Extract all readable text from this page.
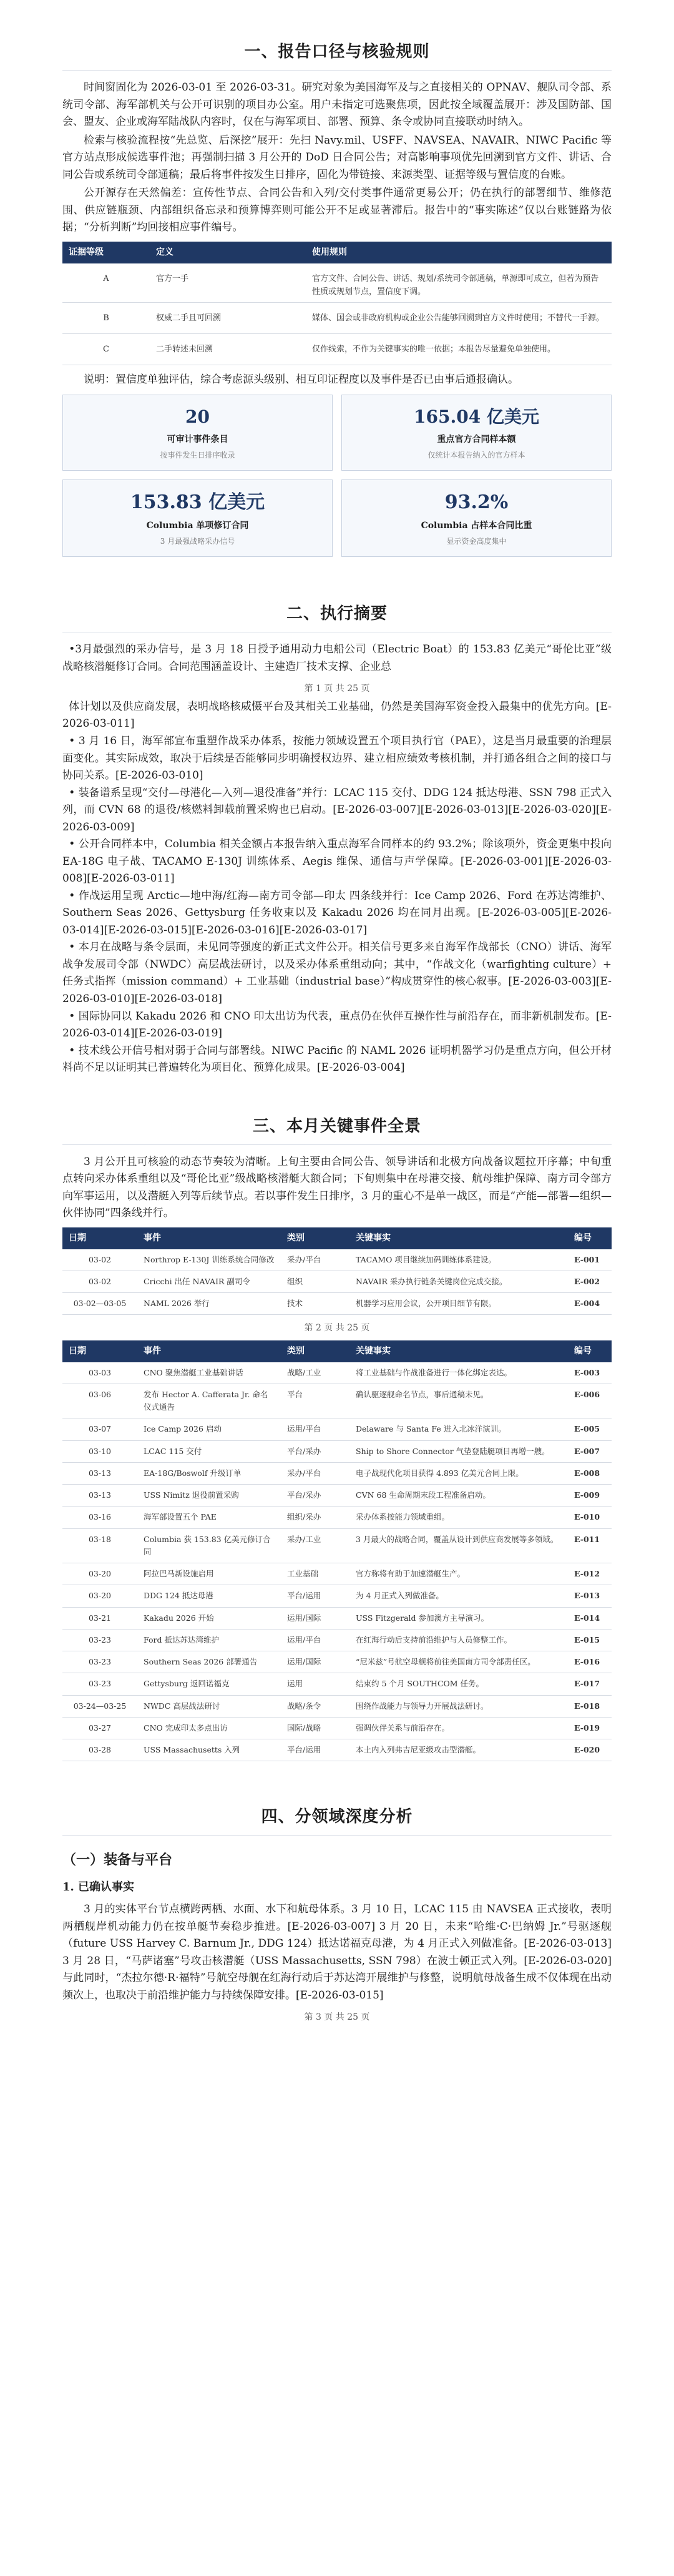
一、报告口径与核验规则

时间窗固化为 2026-03-01 至 2026-03-31。研究对象为美国海军及与之直接相关的 OPNAV、舰队司令部、系统司令部、海军部机关与公开可识别的项目办公室。用户未指定可选聚焦项，因此按全域覆盖展开：涉及国防部、国会、盟友、企业或海军陆战队内容时，仅在与海军项目、部署、预算、条令或协同直接联动时纳入。

检索与核验流程按“先总览、后深挖”展开：先扫 Navy.mil、USFF、NAVSEA、NAVAIR、NIWC Pacific 等官方站点形成候选事件池；再强制扫描 3 月公开的 DoD 日合同公告；对高影响事项优先回溯到官方文件、讲话、合同公告或系统司令部通稿；最后将事件按发生日排序，固化为带链接、来源类型、证据等级与置信度的台账。

公开源存在天然偏差：宣传性节点、合同公告和入列/交付类事件通常更易公开；仍在执行的部署细节、维修范围、供应链瓶颈、内部组织备忘录和预算博弈则可能公开不足或显著滞后。报告中的“事实陈述”仅以台账链路为依据；“分析判断”均回接相应事件编号。

证据等级	定义	使用规则
A	官方一手	官方文件、合同公告、讲话、规划/系统司令部通稿，单源即可成立，但若为预告性质或规划节点，置信度下调。
B	权威二手且可回溯	媒体、国会或非政府机构或企业公告能够回溯到官方文件时使用；不替代一手源。
C	二手转述未回溯	仅作线索，不作为关键事实的唯一依据；本报告尽量避免单独使用。

说明：置信度单独评估，综合考虑源头级别、相互印证程度以及事件是否已由事后通报确认。

20
可审计事件条目
按事件发生日排序收录
165.04 亿美元
重点官方合同样本额
仅统计本报告纳入的官方样本
153.83 亿美元
Columbia 单项修订合同
3 月最强战略采办信号
93.2%
Columbia 占样本合同比重
显示资金高度集中
二、执行摘要

•3月最强烈的采办信号，是 3 月 18 日授予通用动力电船公司（Electric Boat）的 153.83 亿美元“哥伦比亚”级战略核潜艇修订合同。合同范围涵盖设计、主建造厂技术支撑、企业总

第 1 页 共 25 页

体计划以及供应商发展，表明战略核威慑平台及其相关工业基础，仍然是美国海军资金投入最集中的优先方向。[E-2026-03-011]

• 3 月 16 日，海军部宣布重塑作战采办体系，按能力领域设置五个项目执行官（PAE），这是当月最重要的治理层面变化。其实际成效，取决于后续是否能够同步明确授权边界、建立相应绩效考核机制，并打通各组合之间的接口与协同关系。[E-2026-03-010]

• 装备谱系呈现“交付—母港化—入列—退役准备”并行：LCAC 115 交付、DDG 124 抵达母港、SSN 798 正式入列，而 CVN 68 的退役/核燃料卸载前置采购也已启动。[E-2026-03-007][E-2026-03-013][E-2026-03-020][E-2026-03-009]

• 公开合同样本中，Columbia 相关金额占本报告纳入重点海军合同样本的约 93.2%；除该项外，资金更集中投向 EA-18G 电子战、TACAMO E-130J 训练体系、Aegis 维保、通信与声学保障。[E-2026-03-001][E-2026-03-008][E-2026-03-011]

• 作战运用呈现 Arctic—地中海/红海—南方司令部—印太 四条线并行：Ice Camp 2026、Ford 在苏达湾维护、Southern Seas 2026、Gettysburg 任务收束以及 Kakadu 2026 均在同月出现。[E-2026-03-005][E-2026-03-014][E-2026-03-015][E-2026-03-016][E-2026-03-017]

• 本月在战略与条令层面，未见同等强度的新正式文件公开。相关信号更多来自海军作战部长（CNO）讲话、海军战争发展司令部（NWDC）高层战法研讨，以及采办体系重组动向；其中，“作战文化（warfighting culture）+ 任务式指挥（mission command）+ 工业基础（industrial base）”构成贯穿性的核心叙事。[E-2026-03-003][E-2026-03-010][E-2026-03-018]

• 国际协同以 Kakadu 2026 和 CNO 印太出访为代表，重点仍在伙伴互操作性与前沿存在，而非新机制发布。[E-2026-03-014][E-2026-03-019]

• 技术线公开信号相对弱于合同与部署线。NIWC Pacific 的 NAML 2026 证明机器学习仍是重点方向，但公开材料尚不足以证明其已普遍转化为项目化、预算化成果。[E-2026-03-004]

三、本月关键事件全景

3 月公开且可核验的动态节奏较为清晰。上旬主要由合同公告、领导讲话和北极方向战备议题拉开序幕；中旬重点转向采办体系重组以及“哥伦比亚”级战略核潜艇大额合同；下旬则集中在母港交接、航母维护保障、南方司令部方向军事运用，以及潜艇入列等后续节点。若以事件发生日排序，3 月的重心不是单一战区，而是“产能—部署—组织—伙伴协同”四条线并行。

日期	事件	类别	关键事实	编号
03-02	Northrop E-130J 训练系统合同修改	采办/平台	TACAMO 项目继续加码训练体系建设。	E-001
03-02	Cricchi 出任 NAVAIR 副司令	组织	NAVAIR 采办执行链条关键岗位完成交接。	E-002
03-02—03-05	NAML 2026 举行	技术	机器学习应用会议，公开项目细节有限。	E-004
第 2 页 共 25 页
日期	事件	类别	关键事实	编号
03-03	CNO 聚焦潜艇工业基础讲话	战略/工业	将工业基础与作战准备进行一体化绑定表达。	E-003
03-06	发布 Hector A. Cafferata Jr. 命名仪式通告	平台	确认驱逐舰命名节点，事后通稿未见。	E-006
03-07	Ice Camp 2026 启动	运用/平台	Delaware 与 Santa Fe 进入北冰洋演训。	E-005
03-10	LCAC 115 交付	平台/采办	Ship to Shore Connector 气垫登陆艇项目再增一艘。	E-007
03-13	EA-18G/Boswolf 升级订单	采办/平台	电子战现代化项目获得 4.893 亿美元合同上限。	E-008
03-13	USS Nimitz 退役前置采购	平台/采办	CVN 68 生命周期末段工程准备启动。	E-009
03-16	海军部设置五个 PAE	组织/采办	采办体系按能力领域重组。	E-010
03-18	Columbia 获 153.83 亿美元修订合同	采办/工业	3 月最大的战略合同，覆盖从设计到供应商发展等多领域。	E-011
03-20	阿拉巴马新设施启用	工业基础	官方称将有助于加速潜艇生产。	E-012
03-20	DDG 124 抵达母港	平台/运用	为 4 月正式入列做准备。	E-013
03-21	Kakadu 2026 开始	运用/国际	USS Fitzgerald 参加澳方主导演习。	E-014
03-23	Ford 抵达苏达湾维护	运用/平台	在红海行动后支持前沿维护与人员修整工作。	E-015
03-23	Southern Seas 2026 部署通告	运用/国际	“尼米兹”号航空母舰将前往美国南方司令部责任区。	E-016
03-23	Gettysburg 返回诺福克	运用	结束约 5 个月 SOUTHCOM 任务。	E-017
03-24—03-25	NWDC 高层战法研讨	战略/条令	围绕作战能力与领导力开展战法研讨。	E-018
03-27	CNO 完成印太多点出访	国际/战略	强调伙伴关系与前沿存在。	E-019
03-28	USS Massachusetts 入列	平台/运用	本土内入列弗吉尼亚级攻击型潜艇。	E-020
四、分领域深度分析
（一）装备与平台
1. 已确认事实

3 月的实体平台节点横跨两栖、水面、水下和航母体系。3 月 10 日，LCAC 115 由 NAVSEA 正式接收，表明两栖舰岸机动能力仍在按单艇节奏稳步推进。[E-2026-03-007] 3 月 20 日，未来“哈维·C·巴纳姆 Jr.”号驱逐舰（future USS Harvey C. Barnum Jr., DDG 124）抵达诺福克母港，为 4 月正式入列做准备。[E-2026-03-013] 3 月 28 日，“马萨诸塞”号攻击核潜艇（USS Massachusetts, SSN 798）在波士顿正式入列。[E-2026-03-020] 与此同时，“杰拉尔德·R·福特”号航空母舰在红海行动后于苏达湾开展维护与修整，说明航母战备生成不仅体现在出动频次上，也取决于前沿维护能力与持续保障安排。[E-2026-03-015]

第 3 页 共 25 页
